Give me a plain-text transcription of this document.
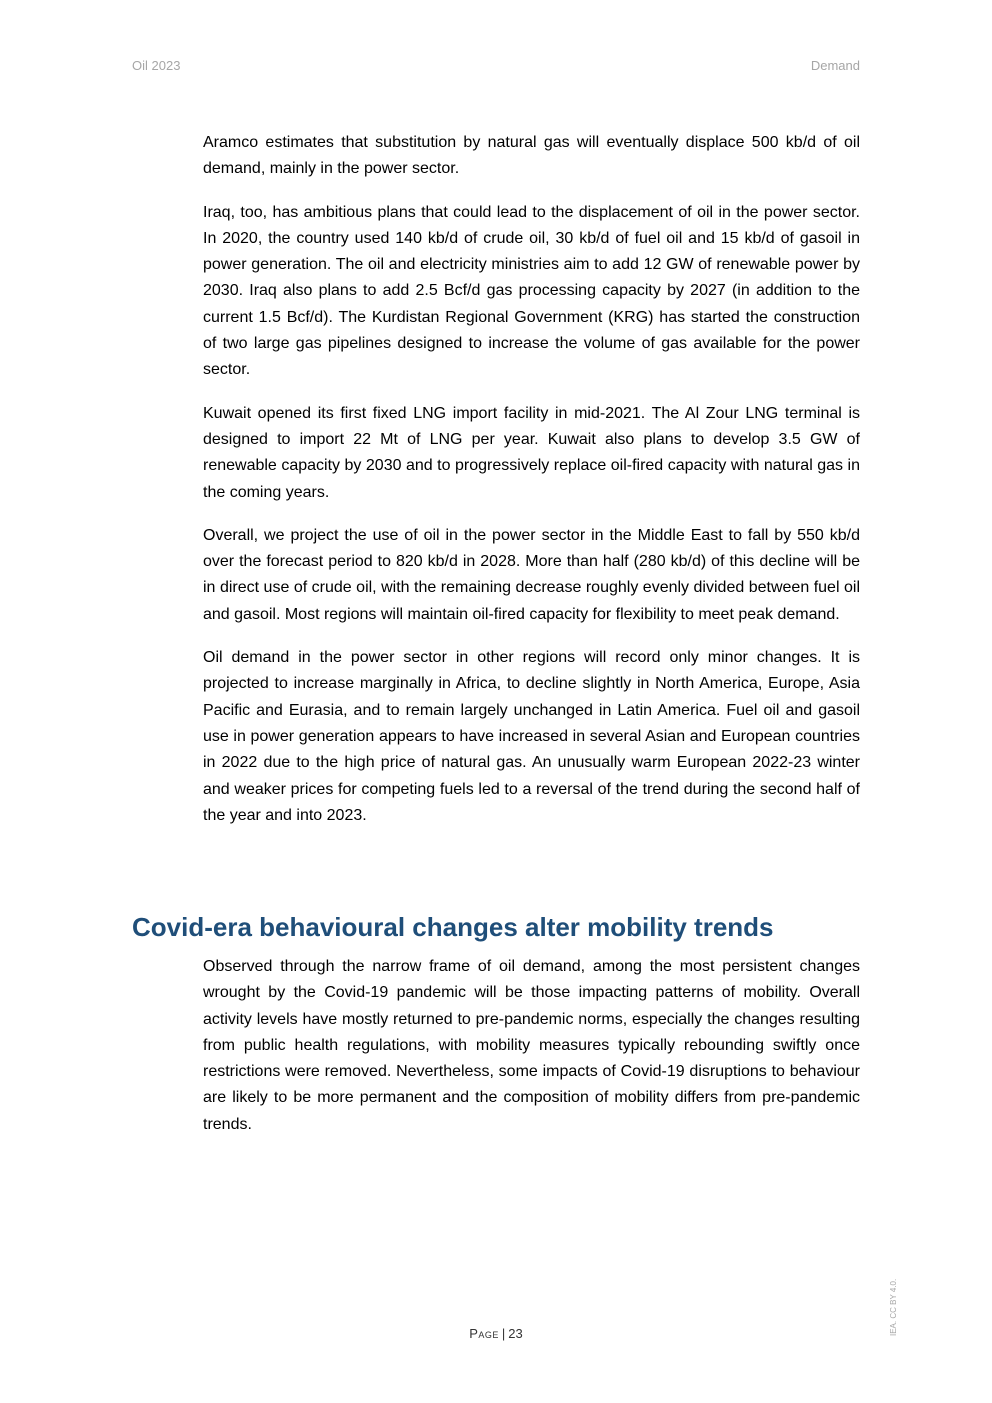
Oil 2023	Demand

Aramco estimates that substitution by natural gas will eventually displace 500 kb/d of oil demand, mainly in the power sector.

Iraq, too, has ambitious plans that could lead to the displacement of oil in the power sector. In 2020, the country used 140 kb/d of crude oil, 30 kb/d of fuel oil and 15 kb/d of gasoil in power generation. The oil and electricity ministries aim to add 12 GW of renewable power by 2030. Iraq also plans to add 2.5 Bcf/d gas processing capacity by 2027 (in addition to the current 1.5 Bcf/d). The Kurdistan Regional Government (KRG) has started the construction of two large gas pipelines designed to increase the volume of gas available for the power sector.

Kuwait opened its first fixed LNG import facility in mid-2021. The Al Zour LNG terminal is designed to import 22 Mt of LNG per year. Kuwait also plans to develop 3.5 GW of renewable capacity by 2030 and to progressively replace oil-fired capacity with natural gas in the coming years.

Overall, we project the use of oil in the power sector in the Middle East to fall by 550 kb/d over the forecast period to 820 kb/d in 2028. More than half (280 kb/d) of this decline will be in direct use of crude oil, with the remaining decrease roughly evenly divided between fuel oil and gasoil. Most regions will maintain oil-fired capacity for flexibility to meet peak demand.

Oil demand in the power sector in other regions will record only minor changes. It is projected to increase marginally in Africa, to decline slightly in North America, Europe, Asia Pacific and Eurasia, and to remain largely unchanged in Latin America. Fuel oil and gasoil use in power generation appears to have increased in several Asian and European countries in 2022 due to the high price of natural gas. An unusually warm European 2022-23 winter and weaker prices for competing fuels led to a reversal of the trend during the second half of the year and into 2023.

Covid-era behavioural changes alter mobility trends

Observed through the narrow frame of oil demand, among the most persistent changes wrought by the Covid-19 pandemic will be those impacting patterns of mobility. Overall activity levels have mostly returned to pre-pandemic norms, especially the changes resulting from public health regulations, with mobility measures typically rebounding swiftly once restrictions were removed. Nevertheless, some impacts of Covid-19 disruptions to behaviour are likely to be more permanent and the composition of mobility differs from pre-pandemic trends.

Page | 23	IEA. CC BY 4.0.
